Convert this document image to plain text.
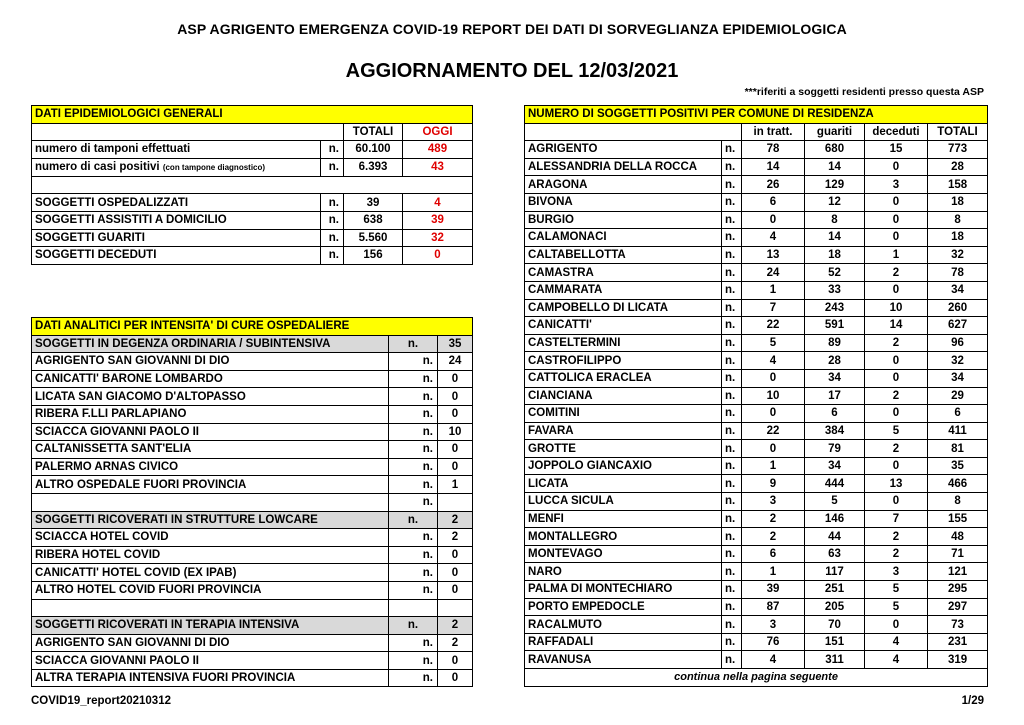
ASP AGRIGENTO EMERGENZA COVID-19 REPORT DEI DATI DI SORVEGLIANZA EPIDEMIOLOGICA
AGGIORNAMENTO DEL 12/03/2021
***riferiti a soggetti residenti presso questa ASP
DATI EPIDEMIOLOGICI GENERALI			
		TOTALI	OGGI
numero di tamponi effettuati	n.	60.100	489
numero di casi positivi (con tampone diagnostico)	n.	6.393	43

SOGGETTI OSPEDALIZZATI	n.	39	4
SOGGETTI ASSISTITI A DOMICILIO	n.	638	39
SOGGETTI GUARITI	n.	5.560	32
SOGGETTI DECEDUTI	n.	156	0
DATI ANALITICI PER INTENSITA' DI CURE OSPEDALIERE		
SOGGETTI IN DEGENZA ORDINARIA / SUBINTENSIVA	n.	35
AGRIGENTO SAN GIOVANNI DI DIO	n.	24
CANICATTI' BARONE LOMBARDO	n.	0
LICATA SAN GIACOMO D'ALTOPASSO	n.	0
RIBERA F.LLI PARLAPIANO	n.	0
SCIACCA GIOVANNI PAOLO II	n.	10
CALTANISSETTA SANT'ELIA	n.	0
PALERMO ARNAS CIVICO	n.	0
ALTRO OSPEDALE FUORI PROVINCIA	n.	1
	n.	
SOGGETTI RICOVERATI IN STRUTTURE LOWCARE	n.	2
SCIACCA HOTEL COVID	n.	2
RIBERA HOTEL COVID	n.	0
CANICATTI' HOTEL COVID (EX IPAB)	n.	0
ALTRO HOTEL COVID FUORI PROVINCIA	n.	0

SOGGETTI RICOVERATI IN TERAPIA INTENSIVA	n.	2
AGRIGENTO SAN GIOVANNI DI DIO	n.	2
SCIACCA GIOVANNI PAOLO II	n.	0
ALTRA TERAPIA INTENSIVA FUORI PROVINCIA	n.	0
NUMERO DI SOGGETTI POSITIVI PER COMUNE DI RESIDENZA					
		in tratt.	guariti	deceduti	TOTALI
AGRIGENTO	n.	78	680	15	773
ALESSANDRIA DELLA ROCCA	n.	14	14	0	28
ARAGONA	n.	26	129	3	158
BIVONA	n.	6	12	0	18
BURGIO	n.	0	8	0	8
CALAMONACI	n.	4	14	0	18
CALTABELLOTTA	n.	13	18	1	32
CAMASTRA	n.	24	52	2	78
CAMMARATA	n.	1	33	0	34
CAMPOBELLO DI LICATA	n.	7	243	10	260
CANICATTI'	n.	22	591	14	627
CASTELTERMINI	n.	5	89	2	96
CASTROFILIPPO	n.	4	28	0	32
CATTOLICA ERACLEA	n.	0	34	0	34
CIANCIANA	n.	10	17	2	29
COMITINI	n.	0	6	0	6
FAVARA	n.	22	384	5	411
GROTTE	n.	0	79	2	81
JOPPOLO GIANCAXIO	n.	1	34	0	35
LICATA	n.	9	444	13	466
LUCCA SICULA	n.	3	5	0	8
MENFI	n.	2	146	7	155
MONTALLEGRO	n.	2	44	2	48
MONTEVAGO	n.	6	63	2	71
NARO	n.	1	117	3	121
PALMA DI MONTECHIARO	n.	39	251	5	295
PORTO EMPEDOCLE	n.	87	205	5	297
RACALMUTO	n.	3	70	0	73
RAFFADALI	n.	76	151	4	231
RAVANUSA	n.	4	311	4	319
continua nella pagina seguente					
COVID19_report20210312	1/29
